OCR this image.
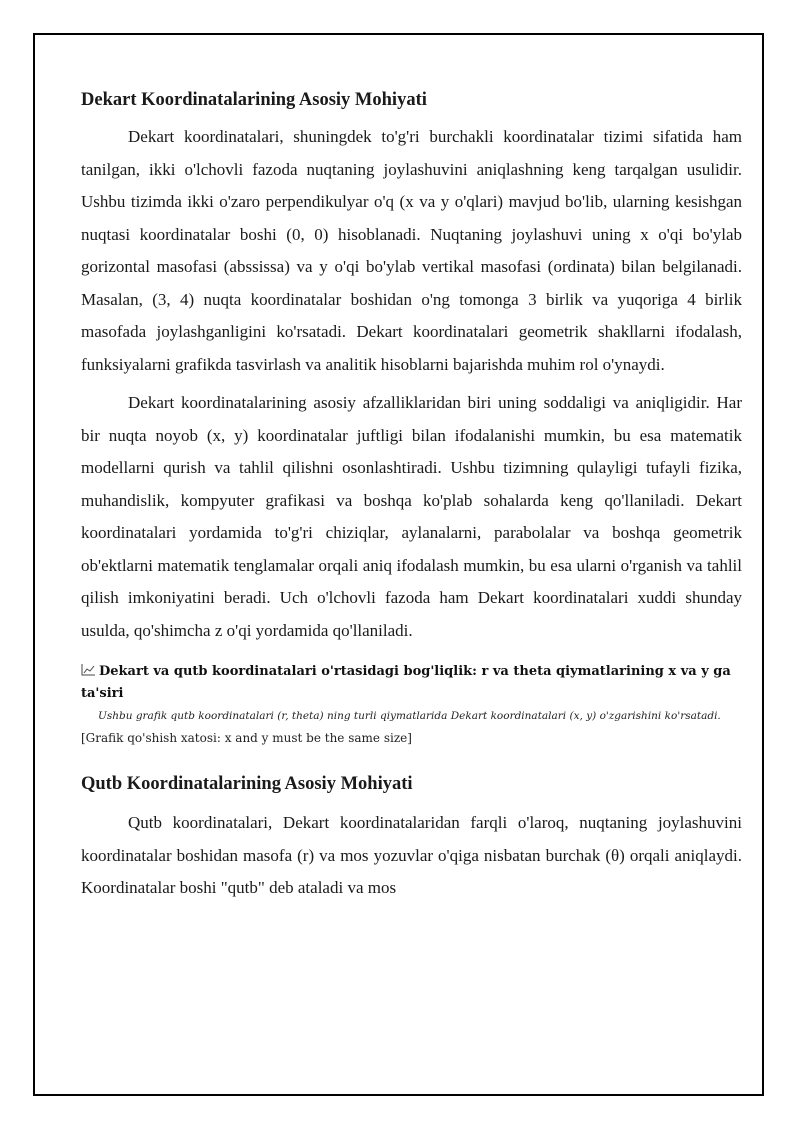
Dekart Koordinatalarining Asosiy Mohiyati

Dekart koordinatalari, shuningdek to'g'ri burchakli koordinatalar tizimi sifatida ham tanilgan, ikki o'lchovli fazoda nuqtaning joylashuvini aniqlashning keng tarqalgan usulidir. Ushbu tizimda ikki o'zaro perpendikulyar o'q (x va y o'qlari) mavjud bo'lib, ularning kesishgan nuqtasi koordinatalar boshi (0, 0) hisoblanadi. Nuqtaning joylashuvi uning x o'qi bo'ylab gorizontal masofasi (abssissa) va y o'qi bo'ylab vertikal masofasi (ordinata) bilan belgilanadi. Masalan, (3, 4) nuqta koordinatalar boshidan o'ng tomonga 3 birlik va yuqoriga 4 birlik masofada joylashganligini ko'rsatadi. Dekart koordinatalari geometrik shakllarni ifodalash, funksiyalarni grafikda tasvirlash va analitik hisoblarni bajarishda muhim rol o'ynaydi.

Dekart koordinatalarining asosiy afzalliklaridan biri uning soddaligi va aniqligidir. Har bir nuqta noyob (x, y) koordinatalar juftligi bilan ifodalanishi mumkin, bu esa matematik modellarni qurish va tahlil qilishni osonlashtiradi. Ushbu tizimning qulayligi tufayli fizika, muhandislik, kompyuter grafikasi va boshqa ko'plab sohalarda keng qo'llaniladi. Dekart koordinatalari yordamida to'g'ri chiziqlar, aylanalarni, parabolalar va boshqa geometrik ob'ektlarni matematik tenglamalar orqali aniq ifodalash mumkin, bu esa ularni o'rganish va tahlil qilish imkoniyatini beradi. Uch o'lchovli fazoda ham Dekart koordinatalari xuddi shunday usulda, qo'shimcha z o'qi yordamida qo'llaniladi.

Dekart va qutb koordinatalari o'rtasidagi bog'liqlik: r va theta qiymatlarining x va y ga ta'siri
Ushbu grafik qutb koordinatalari (r, theta) ning turli qiymatlarida Dekart koordinatalari (x, y) o'zgarishini ko'rsatadi.
[Grafik qo'shish xatosi: x and y must be the same size]
Qutb Koordinatalarining Asosiy Mohiyati

Qutb koordinatalari, Dekart koordinatalaridan farqli o'laroq, nuqtaning joylashuvini koordinatalar boshidan masofa (r) va mos yozuvlar o'qiga nisbatan burchak (θ) orqali aniqlaydi. Koordinatalar boshi "qutb" deb ataladi va mos
